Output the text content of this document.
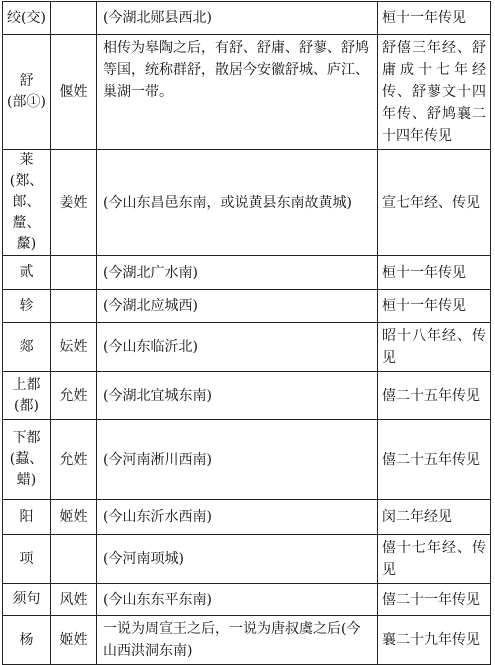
绞(交)		(今湖北郧县西北)	桓十一年传见

舒
(部①)	偃姓	相传为皋陶之后，有舒、舒庸、舒蓼、舒鸠等国，统称群舒，散居今安徽舒城、庐江、巢湖一带。	舒僖三年经、舒庸成十七年经传、舒蓼文十四年传、舒鸠襄二十四年传见

莱
(鄈、
郎、釐、
斄)	姜姓	(今山东昌邑东南，或说黄县东南故黄城)	宣七年经、传见

贰		(今湖北广水南)	桓十一年传见

轸		(今湖北应城西)	桓十一年传见

郯	妘姓	(今山东临沂北)	昭十八年经、传见

上都
(都)	允姓	(今湖北宜城东南)	僖二十五年传见

下都
(蠚、
蜡)	允姓	(今河南淅川西南)	僖二十五年传见

阳	姬姓	(今山东沂水西南)	闵二年经见

项		(今河南项城)	僖十七年经、传见

须句	风姓	(今山东东平东南)	僖二十一年传见

杨	姬姓	一说为周宣王之后，一说为唐叔虞之后(今山西洪洞东南)	襄二十九年传见
